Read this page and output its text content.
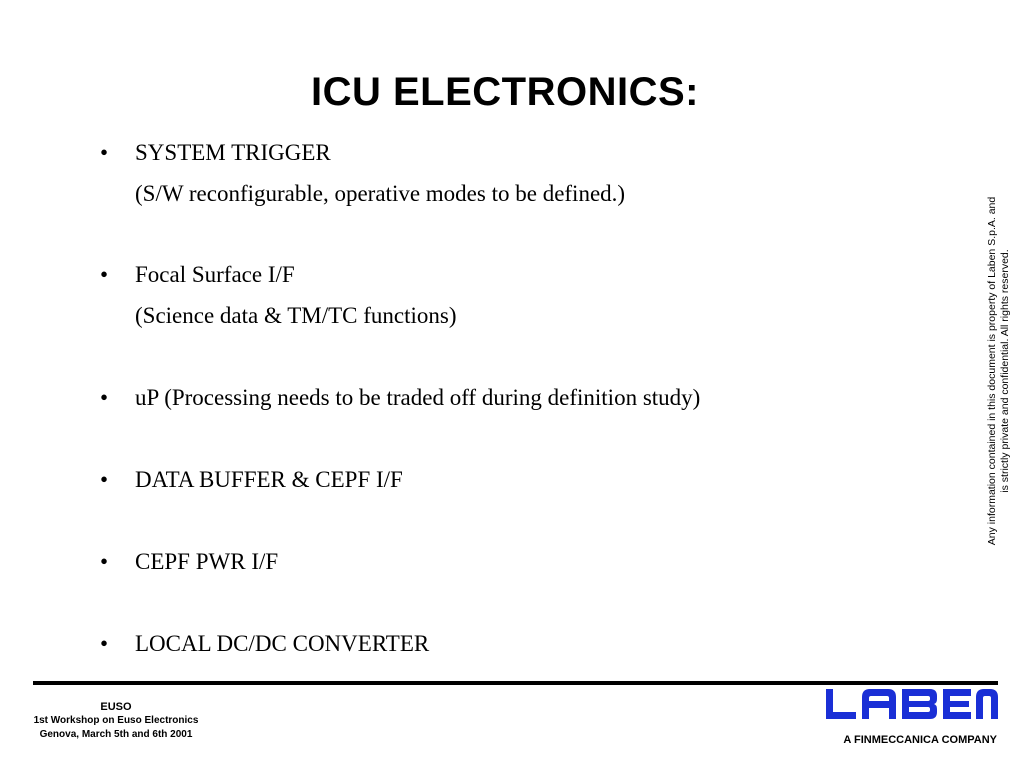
ICU ELECTRONICS:
•	SYSTEM TRIGGER
(S/W reconfigurable, operative modes to be defined.)
•	Focal Surface I/F
(Science data & TM/TC functions)
•	uP (Processing needs to be traded off during definition study)
•	DATA BUFFER & CEPF I/F
•	CEPF PWR I/F
•	LOCAL DC/DC CONVERTER
Any information contained in this document is property of Laben S.p.A. and is strictly private and confidential. All rights reserved.
EUSO
1st Workshop on Euso Electronics
Genova, March 5th and 6th 2001	A FINMECCANICA COMPANY
